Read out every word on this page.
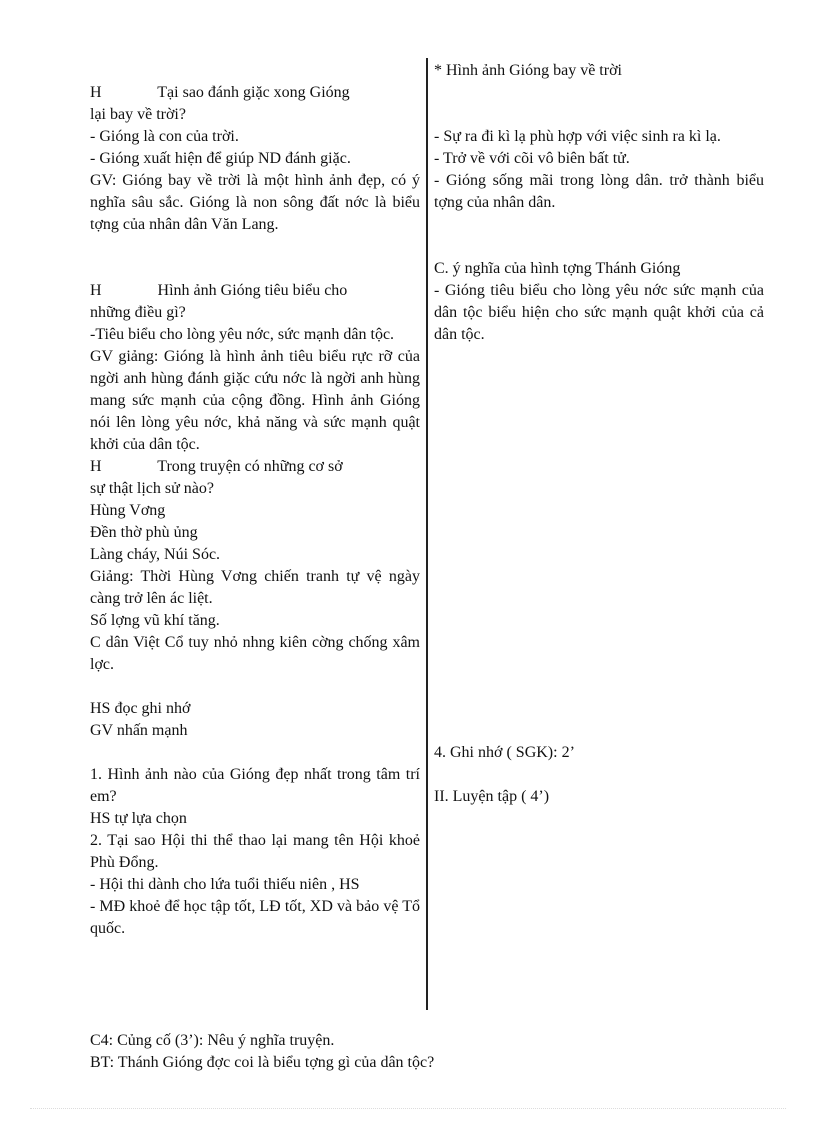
H              Tại sao đánh giặc xong Gióng

lại bay về trời?

- Gióng là con của trời.

- Gióng xuất hiện để giúp ND đánh giặc.

GV: Gióng bay về trời là một hình ảnh đẹp, có ý nghĩa sâu sắc. Gióng là non sông đất nớc là biểu tợng của nhân dân Văn Lang.

H              Hình ảnh Gióng tiêu biểu cho

những điều gì?

-Tiêu biểu cho lòng yêu nớc, sức mạnh dân tộc.

GV giảng: Gióng là hình ảnh tiêu biểu rực rỡ của ngời anh hùng đánh giặc cứu nớc là ngời anh hùng mang sức mạnh của cộng đồng. Hình ảnh Gióng nói lên lòng yêu nớc, khả năng và sức mạnh quật khởi của dân tộc.

H              Trong truyện có những cơ sở

sự thật lịch sử nào?

Hùng Vơng

Đền thờ phù ủng

Làng cháy, Núi Sóc.

Giảng: Thời Hùng Vơng chiến tranh tự vệ ngày càng trở lên ác liệt.

Số lợng vũ khí tăng.

C dân Việt Cổ tuy nhỏ nhng kiên cờng chống xâm lợc.

HS đọc ghi nhớ

GV nhấn mạnh

1. Hình ảnh nào của Gióng đẹp nhất trong tâm trí em?

HS tự lựa chọn

2. Tại sao Hội thi thể thao lại mang tên Hội khoẻ Phù Đổng.

- Hội thi dành cho lứa tuổi thiếu niên , HS

- MĐ khoẻ để học tập tốt, LĐ tốt, XD và bảo vệ Tổ quốc.

* Hình ảnh Gióng bay về trời

- Sự ra đi kì lạ phù hợp với việc sinh ra kì lạ.

- Trở về với cõi vô biên bất tử.

- Gióng sống mãi trong lòng dân. trở thành biểu tợng của nhân dân.

C. ý nghĩa của hình tợng Thánh Gióng

- Gióng tiêu biểu cho lòng yêu nớc sức mạnh của dân tộc biểu hiện cho sức mạnh quật khởi của cả dân tộc.

4. Ghi nhớ ( SGK): 2’

II. Luyện tập ( 4’)

C4: Củng cố (3’): Nêu ý nghĩa truyện.

BT: Thánh Gióng đợc coi là biểu tợng gì của dân tộc?
